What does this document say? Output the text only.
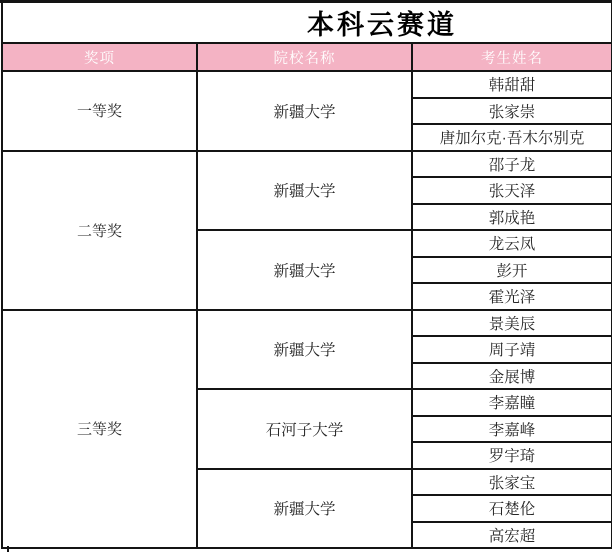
本科云赛道		
奖项	院校名称	考生姓名
一等奖	新疆大学	韩甜甜
		张家崇
		唐加尔克·吾木尔别克
二等奖	新疆大学	邵子龙
		张天泽
		郭成艳
	新疆大学	龙云凤
		彭开
		霍光泽
三等奖	新疆大学	景美辰
		周子靖
		金展博
	石河子大学	李嘉瞳
		李嘉峰
		罗宇琦
	新疆大学	张家宝
		石楚伦
		高宏超
